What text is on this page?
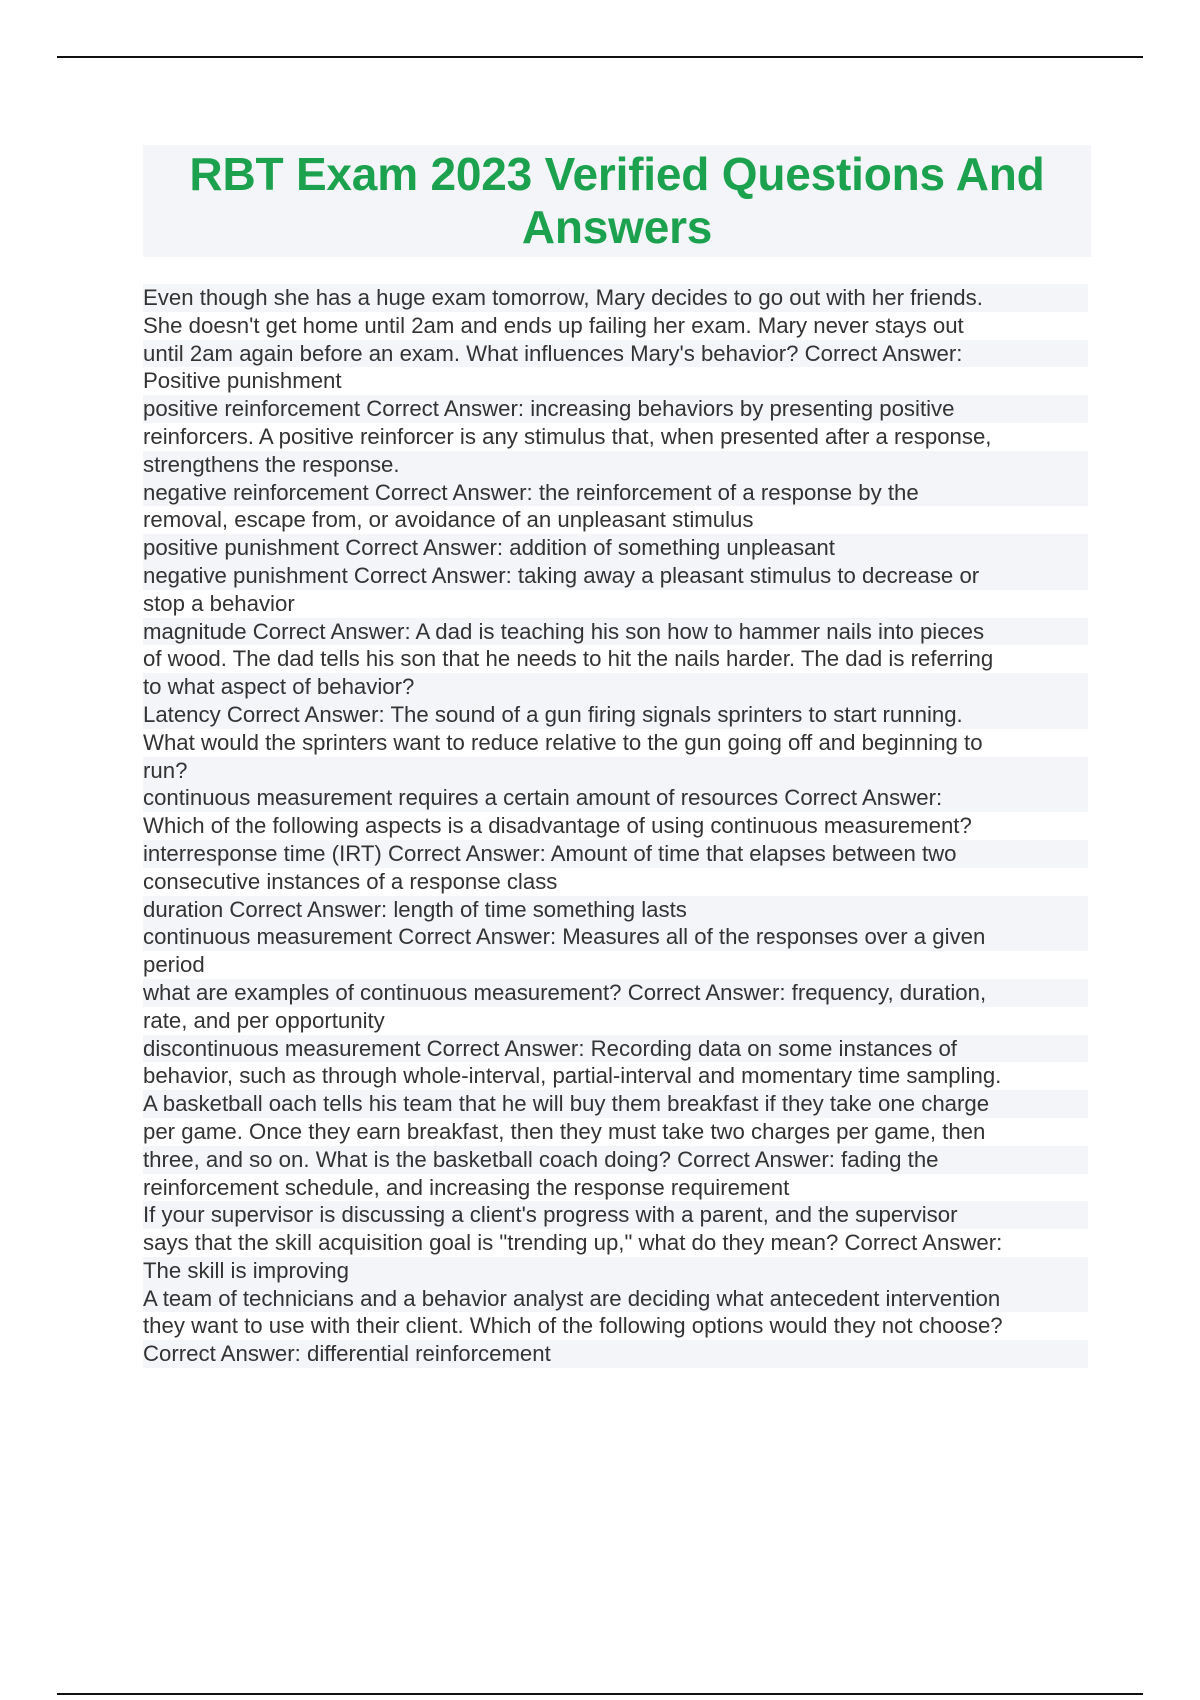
RBT Exam 2023 Verified Questions And
Answers
Even though she has a huge exam tomorrow, Mary decides to go out with her friends.
She doesn't get home until 2am and ends up failing her exam. Mary never stays out
until 2am again before an exam. What influences Mary's behavior? Correct Answer:
Positive punishment
positive reinforcement Correct Answer: increasing behaviors by presenting positive
reinforcers. A positive reinforcer is any stimulus that, when presented after a response,
strengthens the response.
negative reinforcement Correct Answer: the reinforcement of a response by the
removal, escape from, or avoidance of an unpleasant stimulus
positive punishment Correct Answer: addition of something unpleasant
negative punishment Correct Answer: taking away a pleasant stimulus to decrease or
stop a behavior
magnitude Correct Answer: A dad is teaching his son how to hammer nails into pieces
of wood. The dad tells his son that he needs to hit the nails harder. The dad is referring
to what aspect of behavior?
Latency Correct Answer: The sound of a gun firing signals sprinters to start running.
What would the sprinters want to reduce relative to the gun going off and beginning to
run?
continuous measurement requires a certain amount of resources Correct Answer:
Which of the following aspects is a disadvantage of using continuous measurement?
interresponse time (IRT) Correct Answer: Amount of time that elapses between two
consecutive instances of a response class
duration Correct Answer: length of time something lasts
continuous measurement Correct Answer: Measures all of the responses over a given
period
what are examples of continuous measurement? Correct Answer: frequency, duration,
rate, and per opportunity
discontinuous measurement Correct Answer: Recording data on some instances of
behavior, such as through whole-interval, partial-interval and momentary time sampling.
A basketball oach tells his team that he will buy them breakfast if they take one charge
per game. Once they earn breakfast, then they must take two charges per game, then
three, and so on. What is the basketball coach doing? Correct Answer: fading the
reinforcement schedule, and increasing the response requirement
If your supervisor is discussing a client's progress with a parent, and the supervisor
says that the skill acquisition goal is "trending up," what do they mean? Correct Answer:
The skill is improving
A team of technicians and a behavior analyst are deciding what antecedent intervention
they want to use with their client. Which of the following options would they not choose?
Correct Answer: differential reinforcement
